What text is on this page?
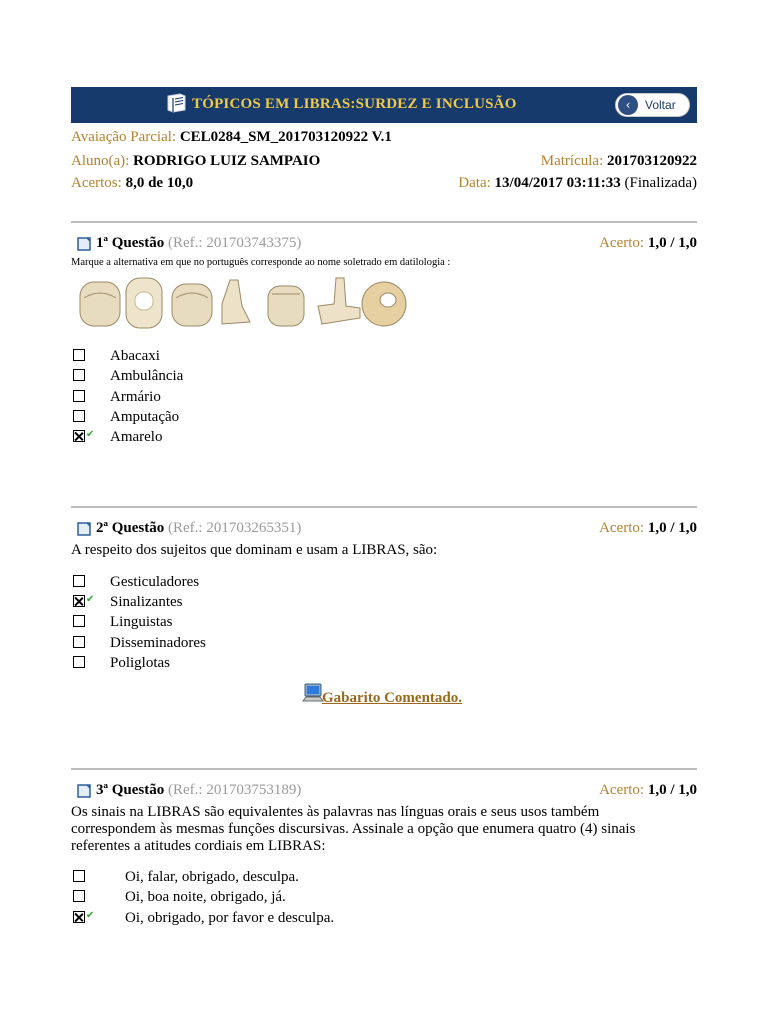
TÓPICOS EM LIBRAS:SURDEZ E INCLUSÃO	‹	Voltar
Avaiação Parcial: CEL0284_SM_201703120922 V.1
Aluno(a): RODRIGO LUIZ SAMPAIO	Matrícula: 201703120922
Acertos: 8,0 de 10,0	Data: 13/04/2017 03:11:33 (Finalizada)
1ª Questão (Ref.: 201703743375)	Acerto: 1,0 / 1,0
Marque a alternativa em que no português corresponde ao nome soletrado em datilologia :
Abacaxi
Ambulância
Armário
Amputação
✔ Amarelo
2ª Questão (Ref.: 201703265351)	Acerto: 1,0 / 1,0
A respeito dos sujeitos que dominam e usam a LIBRAS, são:
Gesticuladores
✔ Sinalizantes
Linguistas
Disseminadores
Poliglotas
Gabarito Comentado.
3ª Questão (Ref.: 201703753189)	Acerto: 1,0 / 1,0
Os sinais na LIBRAS são equivalentes às palavras nas línguas orais e seus usos também
correspondem às mesmas funções discursivas. Assinale a opção que enumera quatro (4) sinais
referentes a atitudes cordiais em LIBRAS:
Oi, falar, obrigado, desculpa.
Oi, boa noite, obrigado, já.
✔ Oi, obrigado, por favor e desculpa.
